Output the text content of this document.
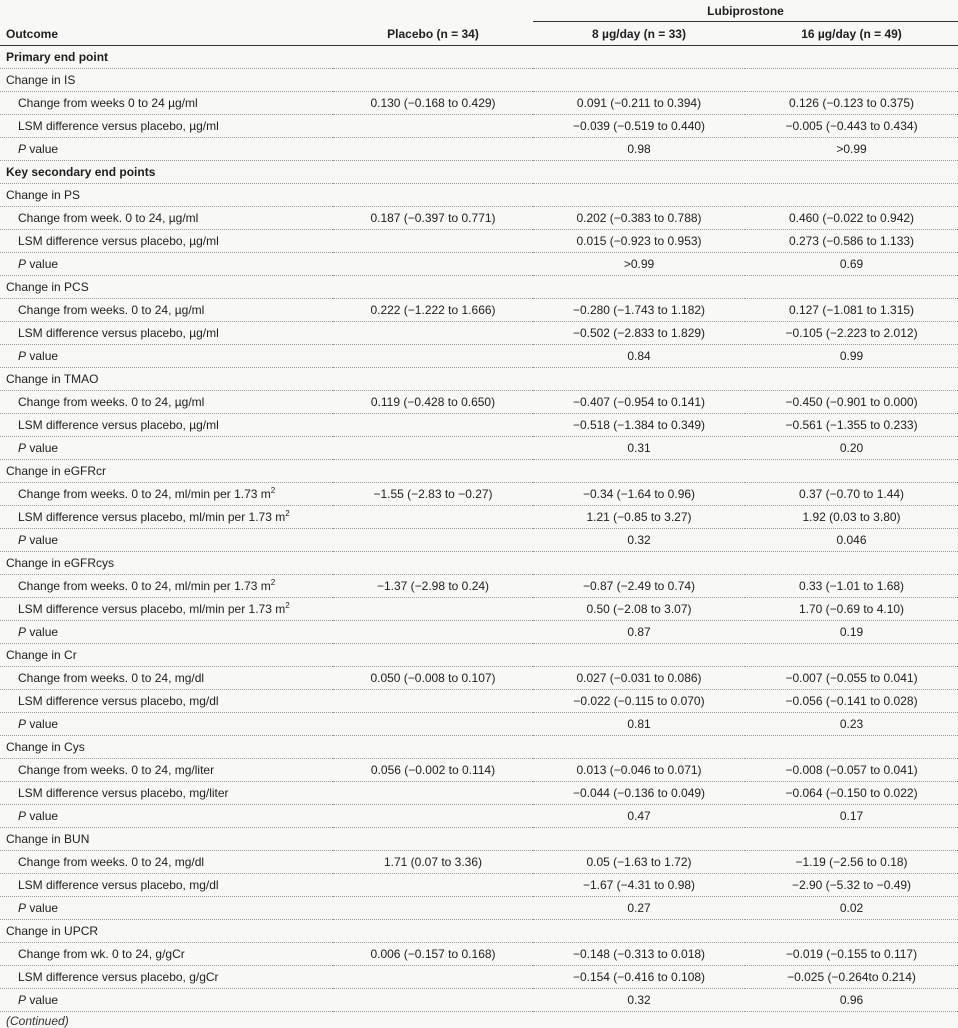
		Lubiprostone	
Outcome	Placebo (n = 34)	8 µg/day (n = 33)	16 µg/day (n = 49)
Primary end point			
Change in IS			
Change from weeks 0 to 24 µg/ml	0.130 (−0.168 to 0.429)	0.091 (−0.211 to 0.394)	0.126 (−0.123 to 0.375)
LSM difference versus placebo, µg/ml		−0.039 (−0.519 to 0.440)	−0.005 (−0.443 to 0.434)
P value		0.98	>0.99
Key secondary end points			
Change in PS			
Change from week. 0 to 24, µg/ml	0.187 (−0.397 to 0.771)	0.202 (−0.383 to 0.788)	0.460 (−0.022 to 0.942)
LSM difference versus placebo, µg/ml		0.015 (−0.923 to 0.953)	0.273 (−0.586 to 1.133)
P value		>0.99	0.69
Change in PCS			
Change from weeks. 0 to 24, µg/ml	0.222 (−1.222 to 1.666)	−0.280 (−1.743 to 1.182)	0.127 (−1.081 to 1.315)
LSM difference versus placebo, µg/ml		−0.502 (−2.833 to 1.829)	−0.105 (−2.223 to 2.012)
P value		0.84	0.99
Change in TMAO			
Change from weeks. 0 to 24, µg/ml	0.119 (−0.428 to 0.650)	−0.407 (−0.954 to 0.141)	−0.450 (−0.901 to 0.000)
LSM difference versus placebo, µg/ml		−0.518 (−1.384 to 0.349)	−0.561 (−1.355 to 0.233)
P value		0.31	0.20
Change in eGFRcr			
Change from weeks. 0 to 24, ml/min per 1.73 $m^2$	−1.55 (−2.83 to −0.27)	−0.34 (−1.64 to 0.96)	0.37 (−0.70 to 1.44)
LSM difference versus placebo, ml/min per 1.73 $m^2$		1.21 (−0.85 to 3.27)	1.92 (0.03 to 3.80)
P value		0.32	0.046
Change in eGFRcys			
Change from weeks. 0 to 24, ml/min per 1.73 $m^2$	−1.37 (−2.98 to 0.24)	−0.87 (−2.49 to 0.74)	0.33 (−1.01 to 1.68)
LSM difference versus placebo, ml/min per 1.73 $m^2$		0.50 (−2.08 to 3.07)	1.70 (−0.69 to 4.10)
P value		0.87	0.19
Change in Cr			
Change from weeks. 0 to 24, mg/dl	0.050 (−0.008 to 0.107)	0.027 (−0.031 to 0.086)	−0.007 (−0.055 to 0.041)
LSM difference versus placebo, mg/dl		−0.022 (−0.115 to 0.070)	−0.056 (−0.141 to 0.028)
P value		0.81	0.23
Change in Cys			
Change from weeks. 0 to 24, mg/liter	0.056 (−0.002 to 0.114)	0.013 (−0.046 to 0.071)	−0.008 (−0.057 to 0.041)
LSM difference versus placebo, mg/liter		−0.044 (−0.136 to 0.049)	−0.064 (−0.150 to 0.022)
P value		0.47	0.17
Change in BUN			
Change from weeks. 0 to 24, mg/dl	1.71 (0.07 to 3.36)	0.05 (−1.63 to 1.72)	−1.19 (−2.56 to 0.18)
LSM difference versus placebo, mg/dl		−1.67 (−4.31 to 0.98)	−2.90 (−5.32 to −0.49)
P value		0.27	0.02
Change in UPCR			
Change from wk. 0 to 24, g/gCr	0.006 (−0.157 to 0.168)	−0.148 (−0.313 to 0.018)	−0.019 (−0.155 to 0.117)
LSM difference versus placebo, g/gCr		−0.154 (−0.416 to 0.108)	−0.025 (−0.264to 0.214)
P value		0.32	0.96
(Continued)
